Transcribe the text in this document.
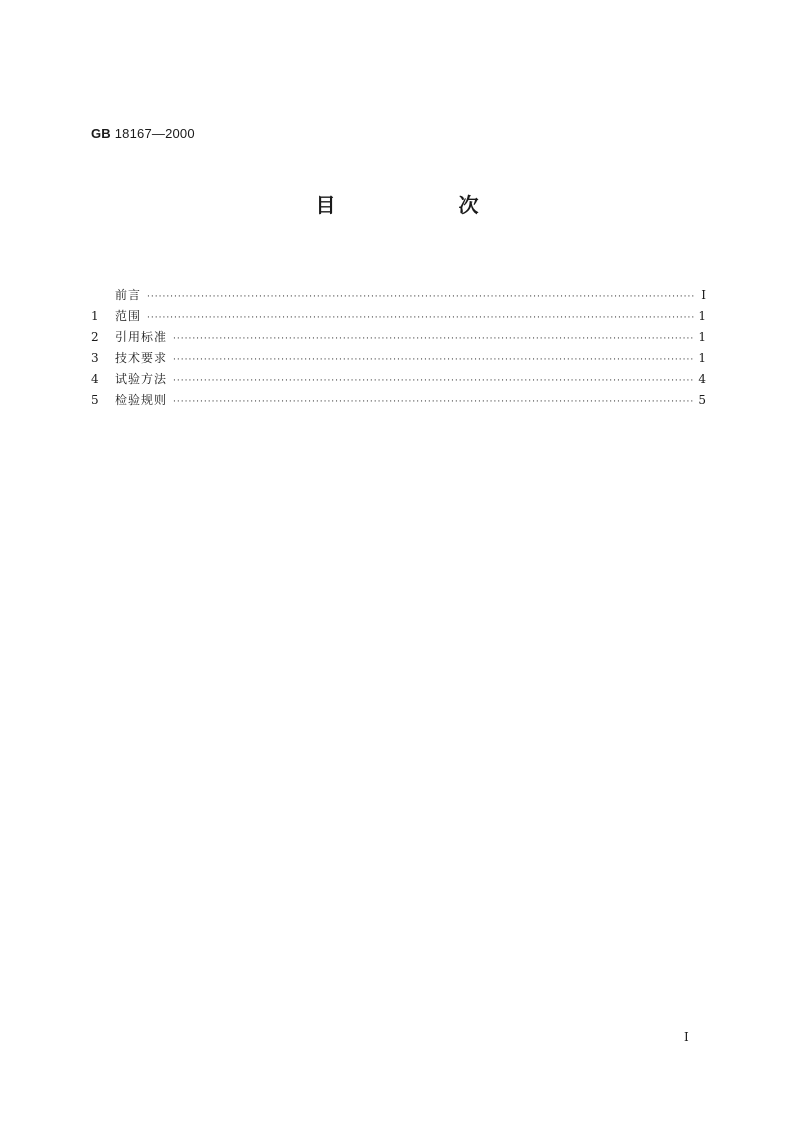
GB 18167—2000
目 次
前言 ·····	I
1	范围 ·····	1
2	引用标准 ·····	1
3	技术要求 ·····	1
4	试验方法 ·····	4
5	检验规则 ·····	5
I
